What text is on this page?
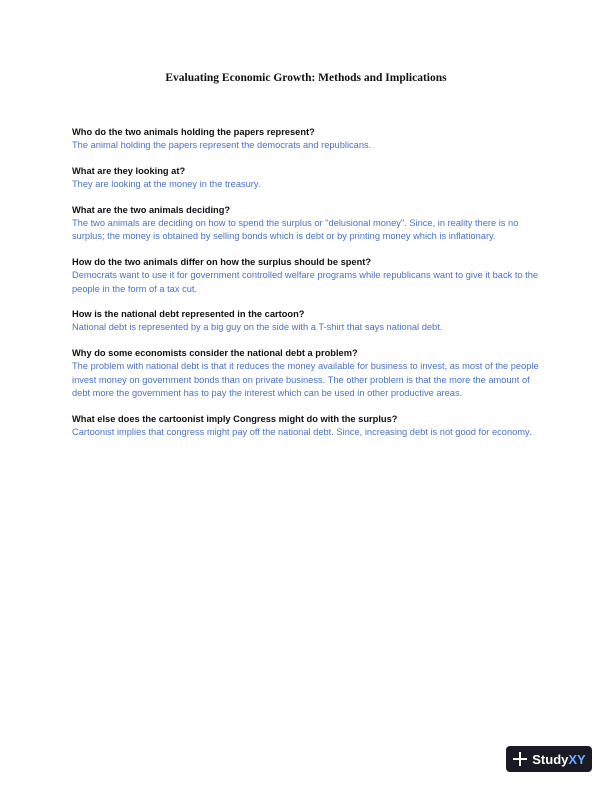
Evaluating Economic Growth: Methods and Implications

Who do the two animals holding the papers represent?

The animal holding the papers represent the democrats and republicans.

What are they looking at?

They are looking at the money in the treasury.

What are the two animals deciding?

The two animals are deciding on how to spend the surplus or "delusional money". Since, in reality there is no surplus; the money is obtained by selling bonds which is debt or by printing money which is inflationary.

How do the two animals differ on how the surplus should be spent?

Democrats want to use it for government controlled welfare programs while republicans want to give it back to the people in the form of a tax cut.

How is the national debt represented in the cartoon?

National debt is represented by a big guy on the side with a T-shirt that says national debt.

Why do some economists consider the national debt a problem?

The problem with national debt is that it reduces the money available for business to invest, as most of the people invest money on government bonds than on private business. The other problem is that the more the amount of debt more the government has to pay the interest which can be used in other productive areas.

What else does the cartoonist imply Congress might do with the surplus?

Cartoonist implies that congress might pay off the national debt. Since, increasing debt is not good for economy.

StudyXY
